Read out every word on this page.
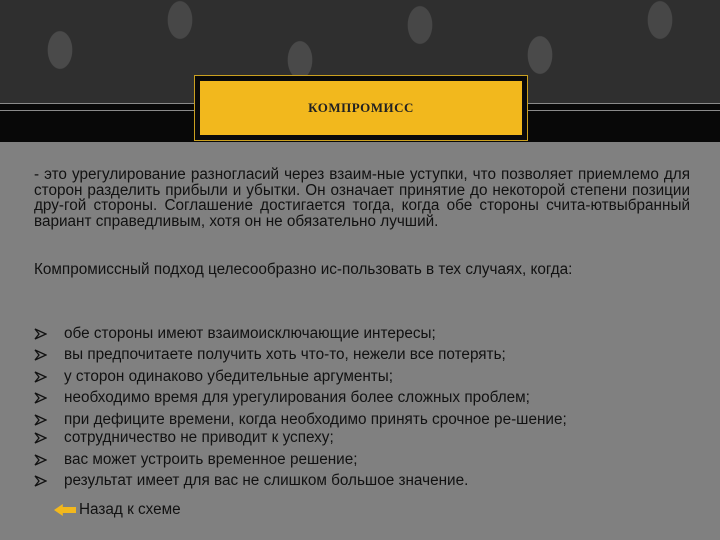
КОМПРОМИСС

- это урегулирование разногласий через взаим-ные уступки, что позволяет приемлемо для сторон разделить прибыли и убытки. Он означает принятие до некоторой степени позиции дру-гой стороны. Соглашение достигается тогда, когда обе стороны счита-ютвыбранный вариант справедливым, хотя он не обязательно лучший.

Компромиссный подход целесообразно ис-пользовать в тех случаях, когда:

обе стороны имеют взаимоисключающие интересы;
вы предпочитаете получить хоть что-то, нежели все потерять;
у сторон одинаково убедительные аргументы;
необходимо время для урегулирования более сложных проблем;
при дефиците времени, когда необходимо принять срочное ре-шение;
сотрудничество не приводит к успеху;
вас может устроить временное решение;
результат имеет для вас не слишком большое значение.
Назад к схеме
